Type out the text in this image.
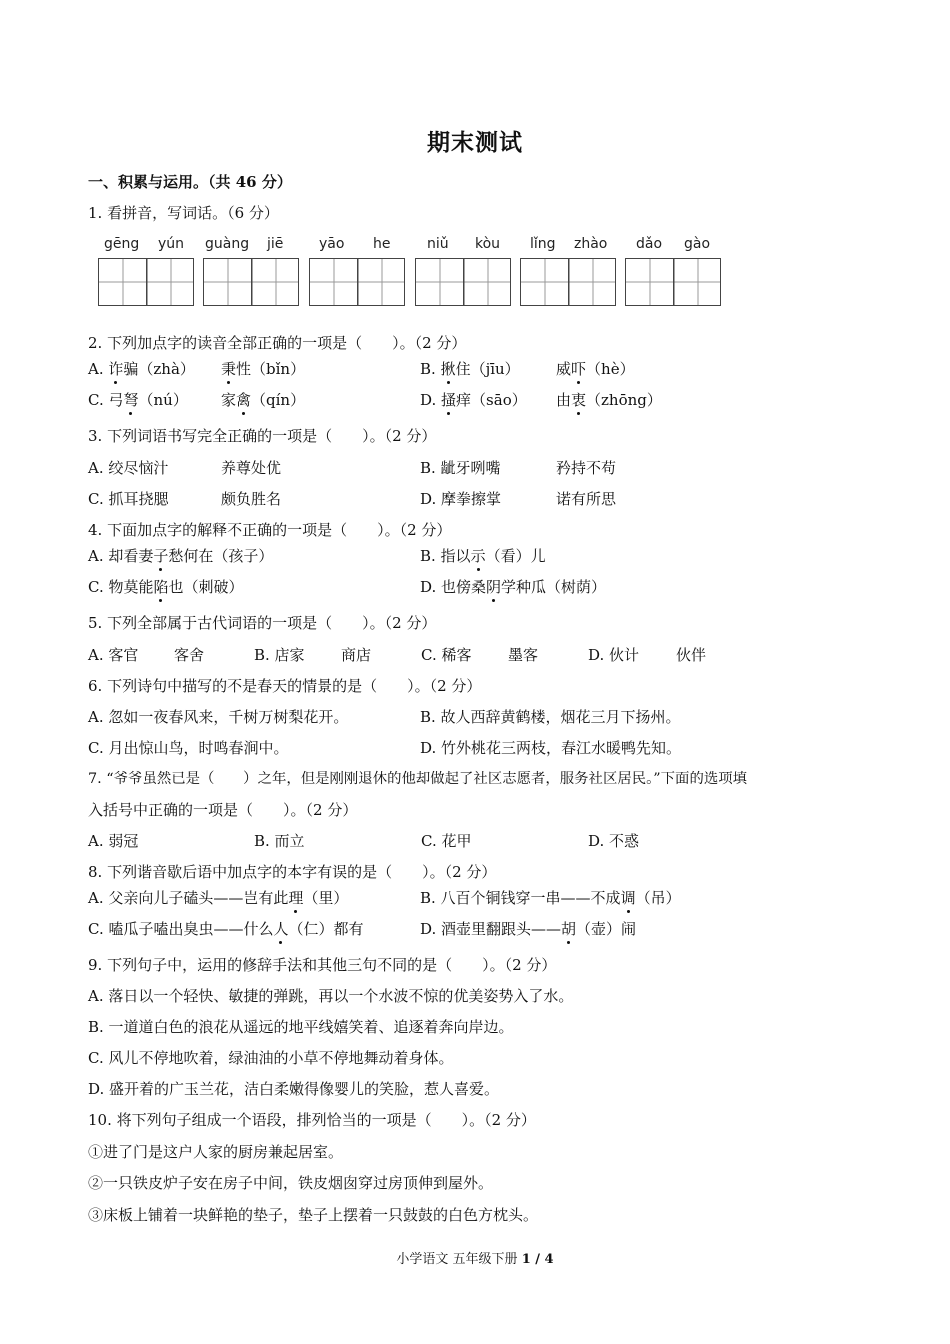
期末测试
一、积累与运用。（共 46 分）
1. 看拼音，写词话。（6 分）
gēng yún guàng jiē	yāo he	niǔ kòu lǐng zhào dǎo gào
2. 下列加点字的读音全部正确的一项是（　　）。（2 分）
A. 诈骗（zhà） 秉性（bǐn）	B. 揪住（jīu） 威吓（hè）
C. 弓弩（nú） 家禽（qín）	D. 搔痒（sāo） 由衷（zhōng）
3. 下列词语书写完全正确的一项是（　　）。（2 分）
A. 绞尽恼汁	养尊处优	B. 龇牙咧嘴	矜持不苟
C. 抓耳挠腮	颇负胜名	D. 摩拳擦掌	诺有所思
4. 下面加点字的解释不正确的一项是（　　）。（2 分）
A. 却看妻子愁何在（孩子）	B. 指以示（看）儿
C. 物莫能陷也（刺破）	D. 也傍桑阴学种瓜（树荫）
5. 下列全部属于古代词语的一项是（　　）。（2 分）
A. 客官 客舍	B. 店家 商店	C. 稀客 墨客	D. 伙计 伙伴
6. 下列诗句中描写的不是春天的情景的是（　　）。（2 分）
A. 忽如一夜春风来，千树万树梨花开。	B. 故人西辞黄鹤楼，烟花三月下扬州。
C. 月出惊山鸟，时鸣春涧中。	D. 竹外桃花三两枝，春江水暖鸭先知。
7. “爷爷虽然已是（　　）之年，但是刚刚退休的他却做起了社区志愿者，服务社区居民。”下面的选项填
入括号中正确的一项是（　　）。（2 分）
A. 弱冠	B. 而立	C. 花甲	D. 不惑
8. 下列谐音歇后语中加点字的本字有误的是（　　）。（2 分）
A. 父亲向儿子磕头——岂有此理（里）	B. 八百个铜钱穿一串——不成调（吊）
C. 嗑瓜子嗑出臭虫——什么人（仁）都有	D. 酒壶里翻跟头——胡（壶）闹
9. 下列句子中，运用的修辞手法和其他三句不同的是（　　）。（2 分）
A. 落日以一个轻快、敏捷的弹跳，再以一个水波不惊的优美姿势入了水。
B. 一道道白色的浪花从遥远的地平线嬉笑着、追逐着奔向岸边。
C. 风儿不停地吹着，绿油油的小草不停地舞动着身体。
D. 盛开着的广玉兰花，洁白柔嫩得像婴儿的笑脸，惹人喜爱。
10. 将下列句子组成一个语段，排列恰当的一项是（　　）。（2 分）
①进了门是这户人家的厨房兼起居室。
②一只铁皮炉子安在房子中间，铁皮烟囱穿过房顶伸到屋外。
③床板上铺着一块鲜艳的垫子，垫子上摆着一只鼓鼓的白色方枕头。
小学语文 五年级下册 1 / 4
